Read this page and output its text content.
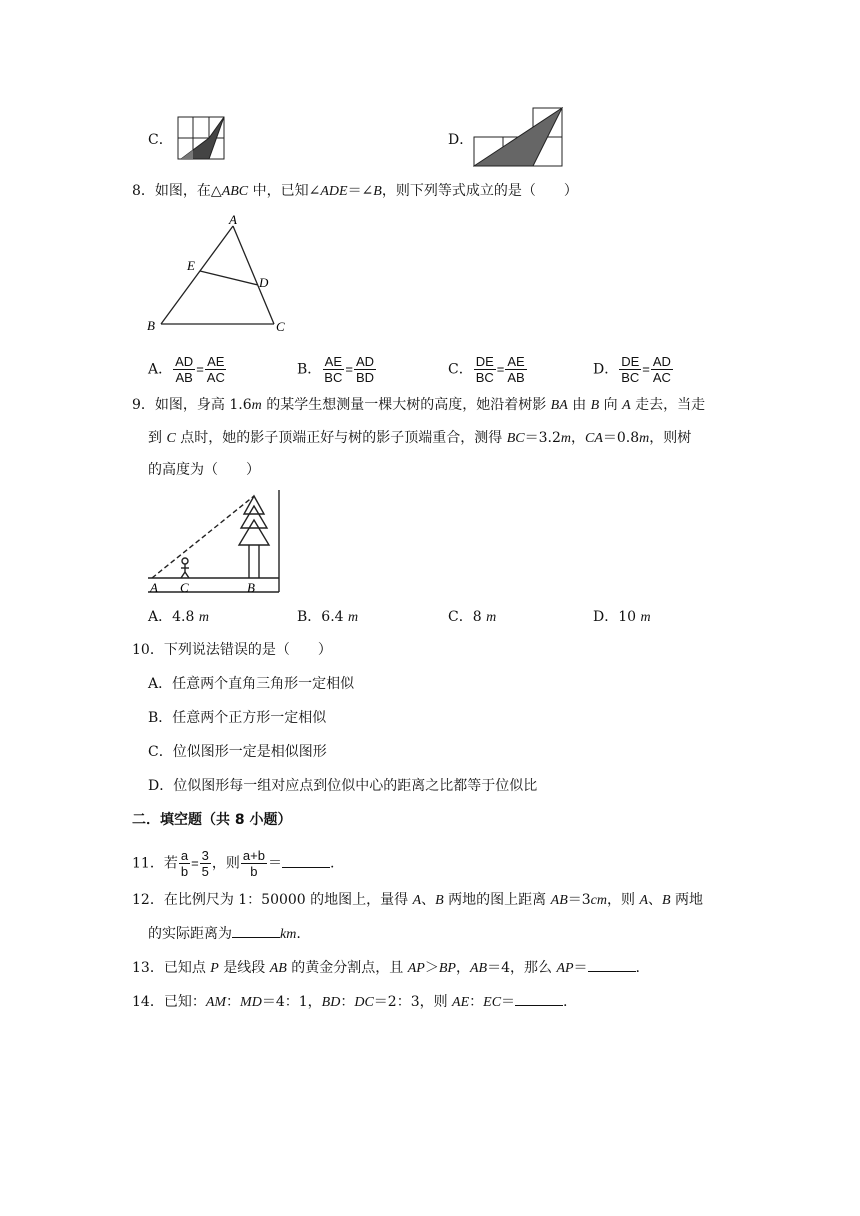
C．	D．
8．如图，在△ABC 中，已知∠ADE＝∠B，则下列等式成立的是（　　）
A
B	C
D
E
A． $\frac{AD}{AB} = \frac{AE}{AC}$	B． $\frac{AE}{BC} = \frac{AD}{BD}$	C． $\frac{DE}{BC} = \frac{AE}{AB}$	D． $\frac{DE}{BC} = \frac{AD}{AC}$
9．如图，身高 1.6m 的某学生想测量一棵大树的高度，她沿着树影 BA 由 B 向 A 走去，当走
到 C 点时，她的影子顶端正好与树的影子顶端重合，测得 BC＝3.2m，CA＝0.8m，则树
的高度为（　　）
A C	B
A．4.8 m	B．6.4 m	C．8 m	D．10 m
10．下列说法错误的是（　　）
A．任意两个直角三角形一定相似
B．任意两个正方形一定相似
C．位似图形一定是相似图形
D．位似图形每一组对应点到位似中心的距离之比都等于位似比
二．填空题（共 8 小题）
11．若 $\frac{a}{b} = \frac{3}{5}$ ，则 $\frac{a+b}{b}$ ＝	.
12．在比例尺为 1：50000 的地图上，量得 A、B 两地的图上距离 AB＝3cm，则 A、B 两地
的实际距离为	km.
13．已知点 P 是线段 AB 的黄金分割点，且 AP＞BP，AB＝4，那么 AP＝	.
14．已知：AM：MD＝4：1，BD：DC＝2：3，则 AE：EC＝	.
